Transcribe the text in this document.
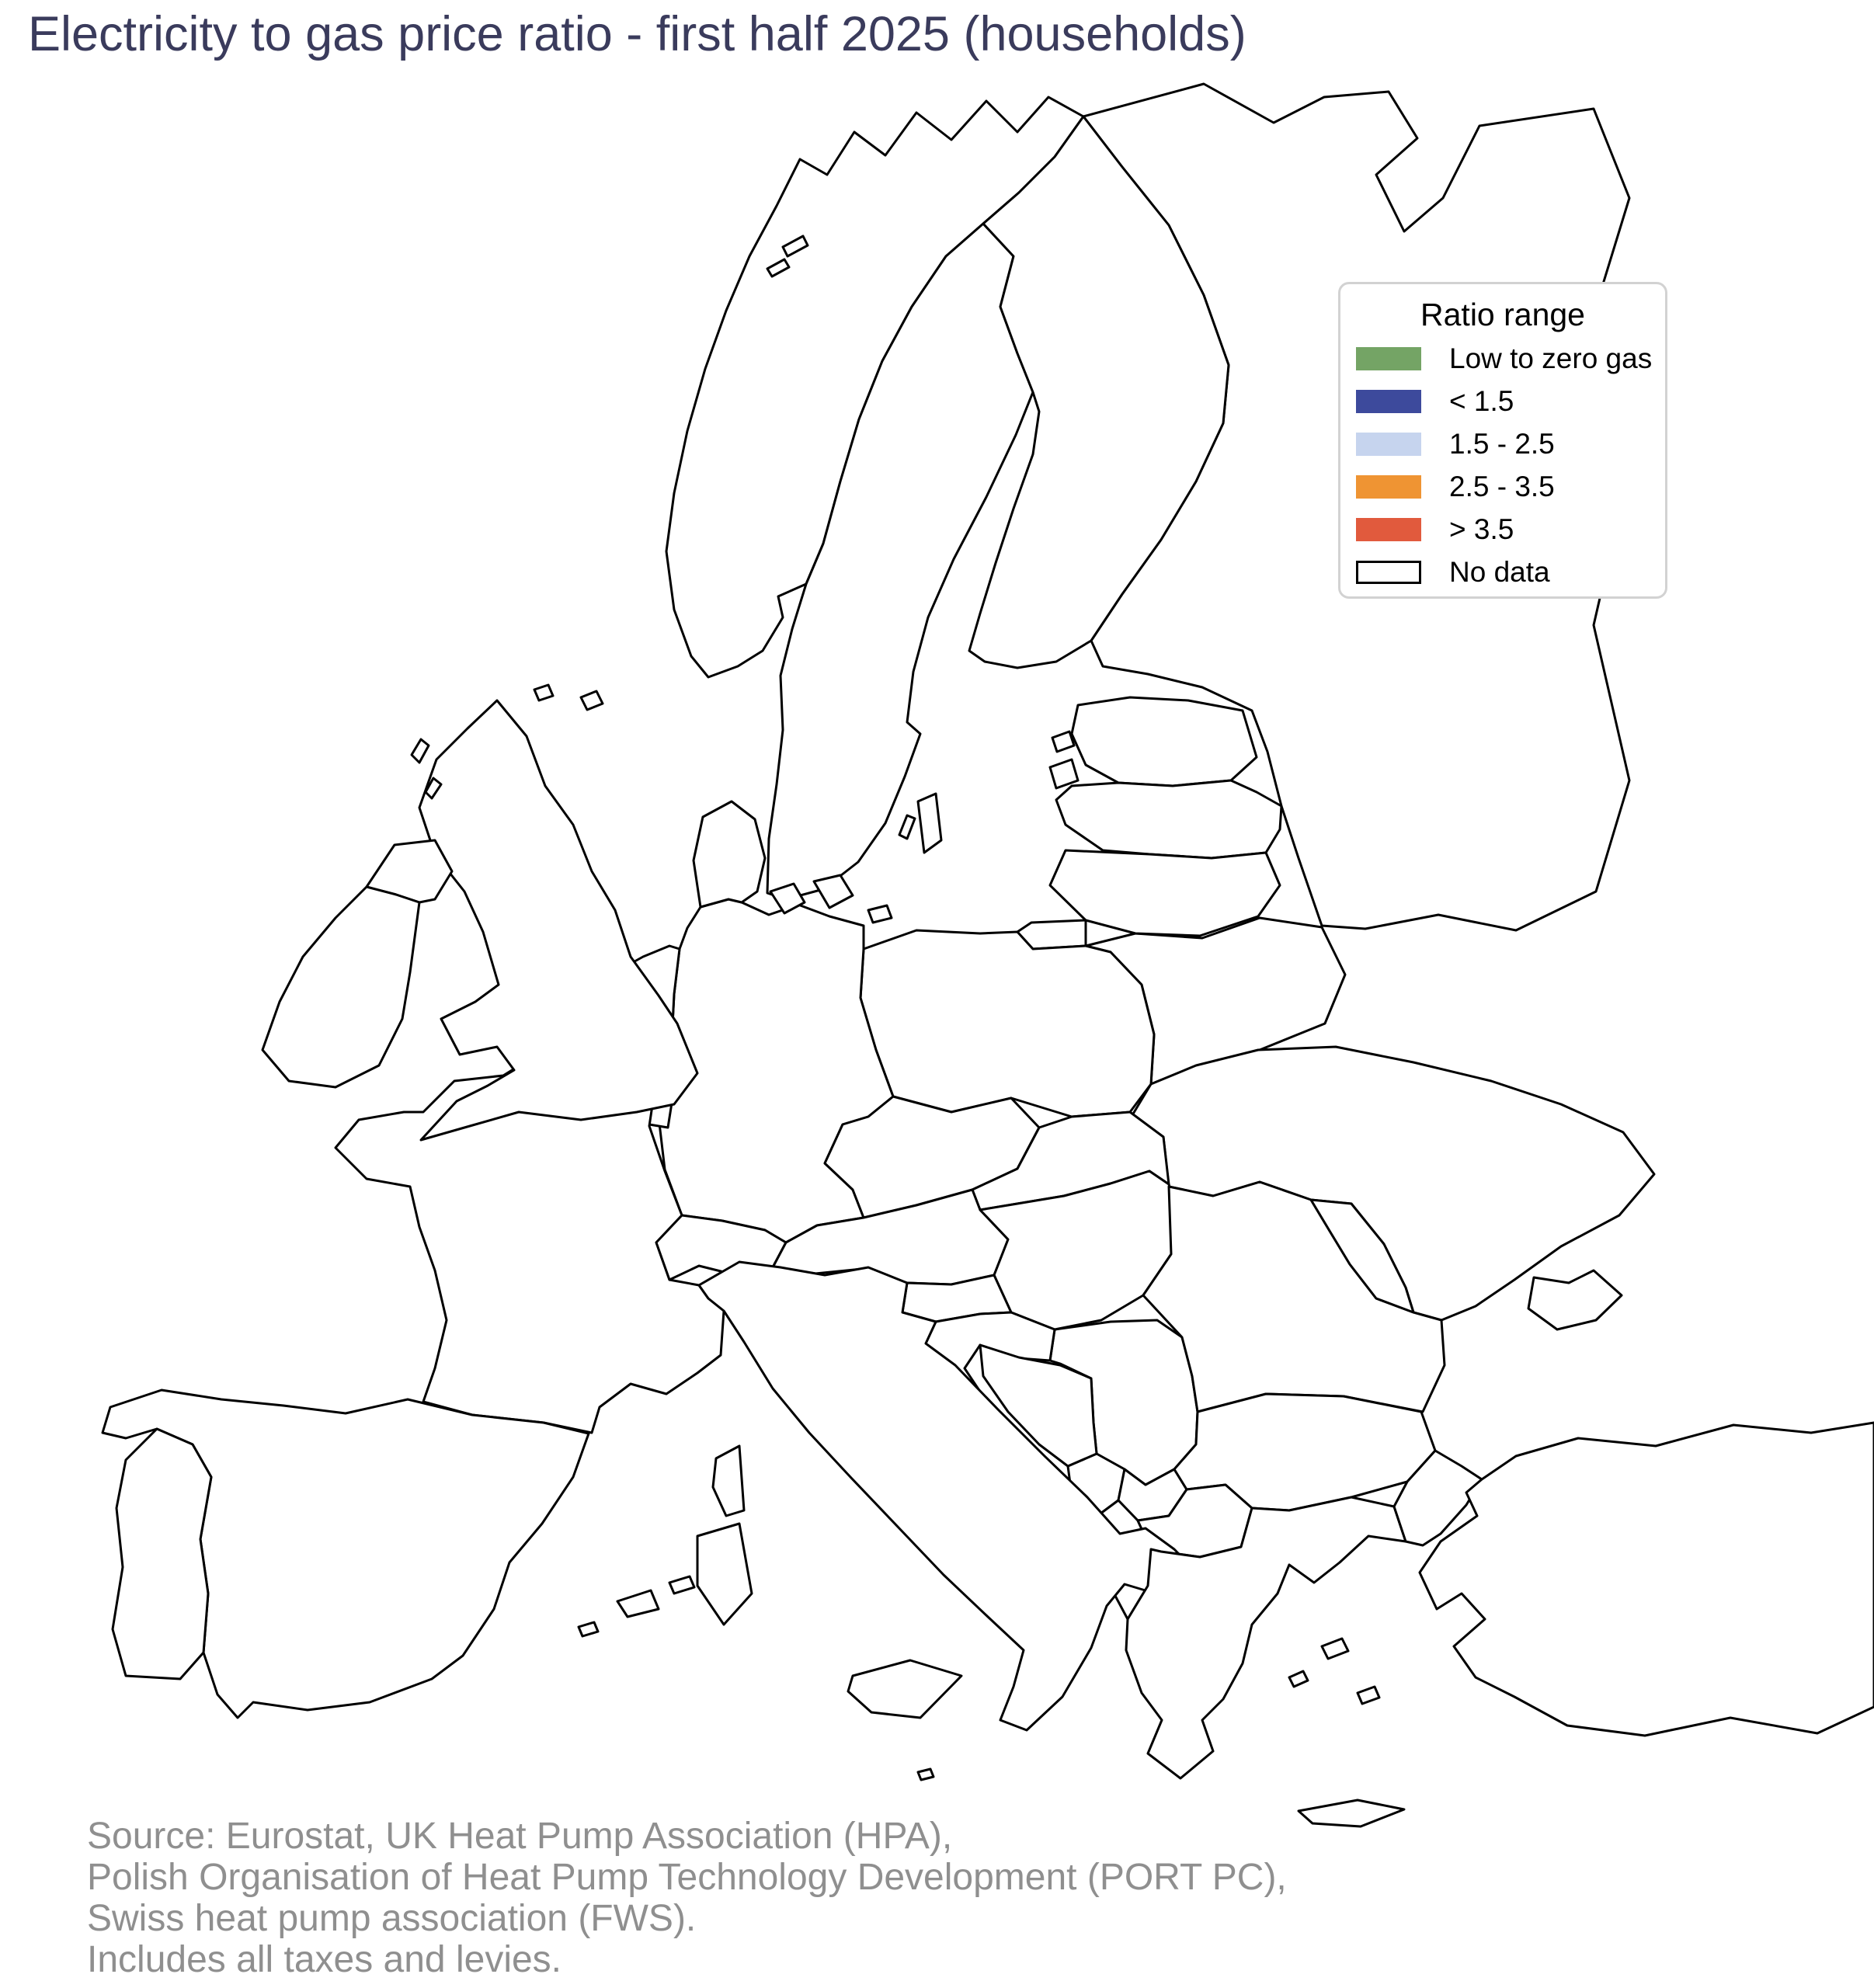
Electricity to gas price ratio - first half 2025 (households)
Ratio range
Low to zero gas
< 1.5
1.5 - 2.5
2.5 - 3.5
> 3.5
No data
Source: Eurostat, UK Heat Pump Association (HPA),
Polish Organisation of Heat Pump Technology Development (PORT PC),
Swiss heat pump association (FWS).
Includes all taxes and levies.
